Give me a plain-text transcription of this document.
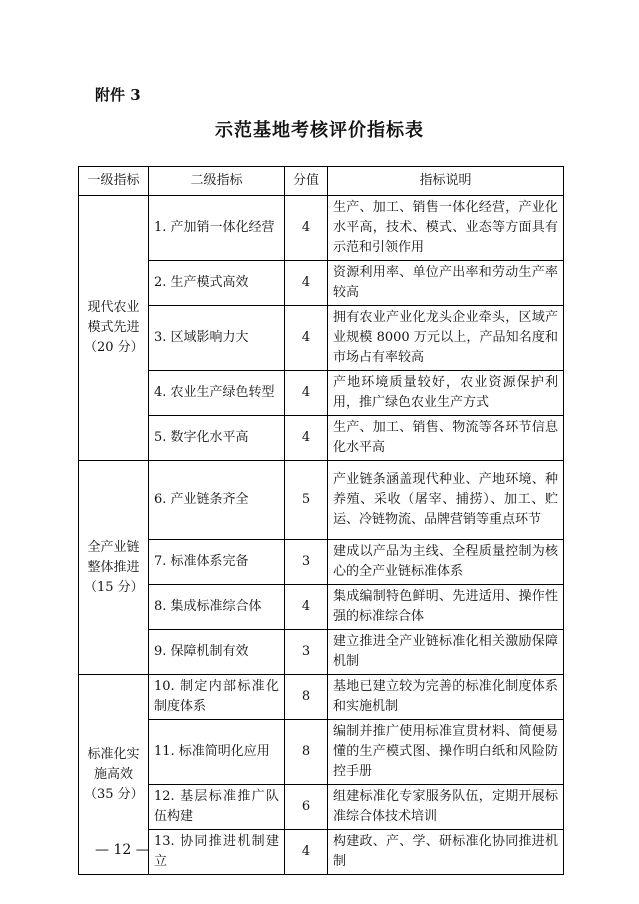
附件 3
示范基地考核评价指标表
一级指标	二级指标	分值	指标说明

现代农业
模式先进
（20 分）	1. 产加销一体化经营	4	生产、加工、销售一体化经营，产业化水平高，技术、模式、业态等方面具有示范和引领作用
	2. 生产模式高效	4	资源利用率、单位产出率和劳动生产率较高
	3. 区域影响力大	4	拥有农业产业化龙头企业牵头，区域产业规模 8000 万元以上，产品知名度和市场占有率较高
	4. 农业生产绿色转型	4	产地环境质量较好，农业资源保护利用，推广绿色农业生产方式
	5. 数字化水平高	4	生产、加工、销售、物流等各环节信息化水平高

全产业链
整体推进
（15 分）	6. 产业链条齐全	5	产业链条涵盖现代种业、产地环境、种养殖、采收（屠宰、捕捞）、加工、贮运、冷链物流、品牌营销等重点环节
	7. 标准体系完备	3	建成以产品为主线、全程质量控制为核心的全产业链标准体系
	8. 集成标准综合体	4	集成编制特色鲜明、先进适用、操作性强的标准综合体
	9. 保障机制有效	3	建立推进全产业链标准化相关激励保障机制

标准化实
施高效
（35 分）	10. 制定内部标准化制度体系	8	基地已建立较为完善的标准化制度体系和实施机制
	11. 标准简明化应用	8	编制并推广使用标准宣贯材料、简便易懂的生产模式图、操作明白纸和风险防控手册
	12. 基层标准推广队伍构建	6	组建标准化专家服务队伍，定期开展标准综合体技术培训
	13. 协同推进机制建立	4	构建政、产、学、研标准化协同推进机制
— 12 —
